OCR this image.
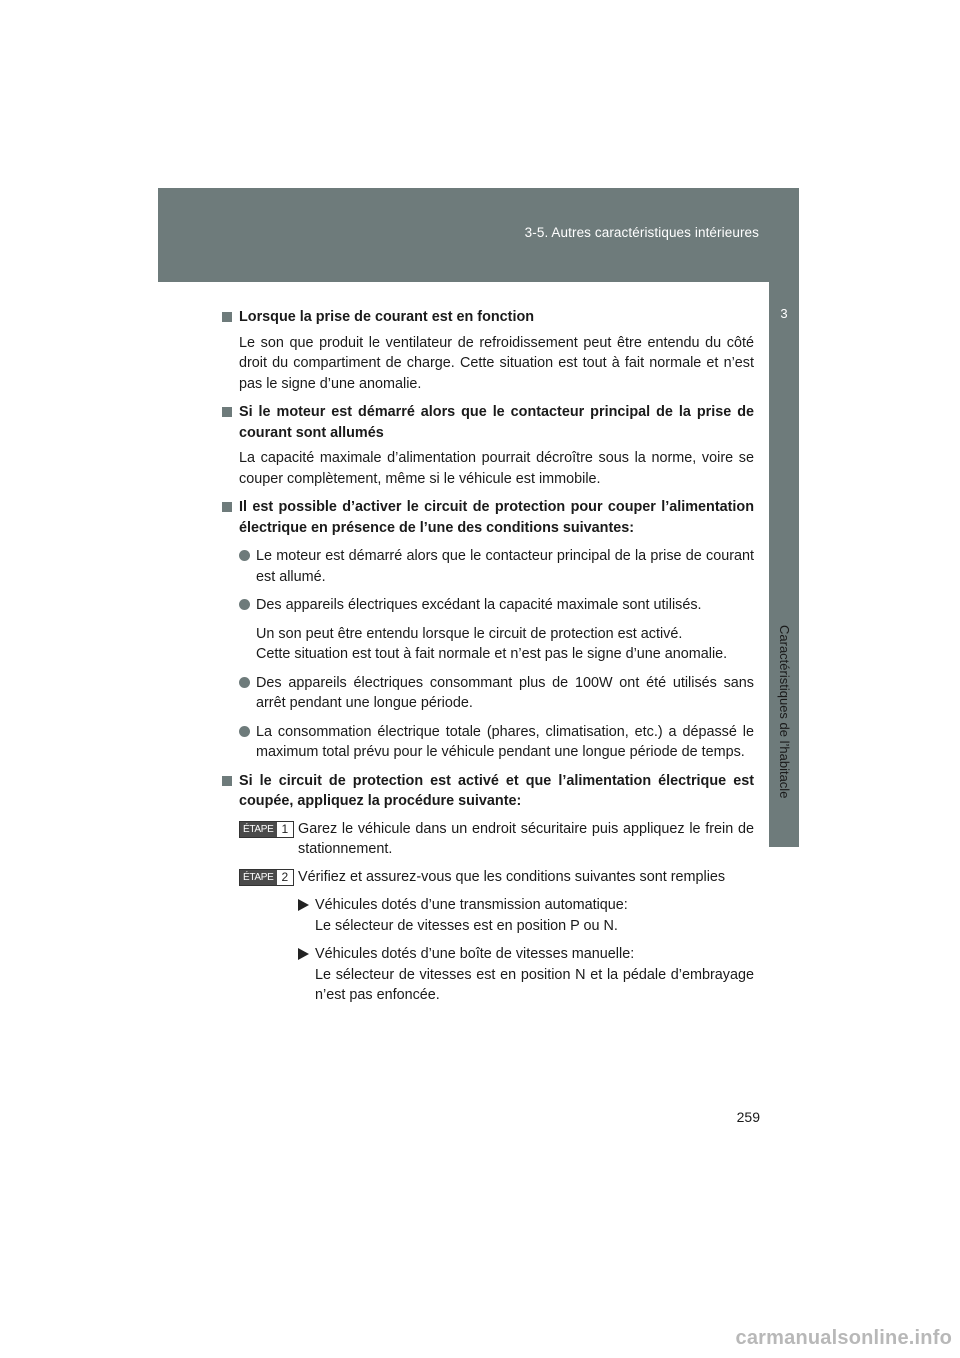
3-5. Autres caractéristiques intérieures
3
Caractéristiques de l’habitacle
Lorsque la prise de courant est en fonction
Le son que produit le ventilateur de refroidissement peut être entendu du côté droit du compartiment de charge. Cette situation est tout à fait normale et n’est pas le signe d’une anomalie.
Si le moteur est démarré alors que le contacteur principal de la prise de courant sont allumés
La capacité maximale d’alimentation pourrait décroître sous la norme, voire se couper complètement, même si le véhicule est immobile.
Il est possible d’activer le circuit de protection pour couper l’alimentation électrique en présence de l’une des conditions suivantes:
Le moteur est démarré alors que le contacteur principal de la prise de courant est allumé.
Des appareils électriques excédant la capacité maximale sont utilisés.
Un son peut être entendu lorsque le circuit de protection est activé.
Cette situation est tout à fait normale et n’est pas le signe d’une anomalie.
Des appareils électriques consommant plus de 100W ont été utilisés sans arrêt pendant une longue période.
La consommation électrique totale (phares, climatisation, etc.) a dépassé le maximum total prévu pour le véhicule pendant une longue période de temps.
Si le circuit de protection est activé et que l’alimentation électrique est coupée, appliquez la procédure suivante:
ÉTAPE 1 Garez le véhicule dans un endroit sécuritaire puis appliquez le frein de stationnement.
ÉTAPE 2 Vérifiez et assurez-vous que les conditions suivantes sont remplies
Véhicules dotés d’une transmission automatique:
Le sélecteur de vitesses est en position P ou N.
Véhicules dotés d’une boîte de vitesses manuelle:
Le sélecteur de vitesses est en position N et la pédale d’embrayage n’est pas enfoncée.
259
carmanualsonline.info
